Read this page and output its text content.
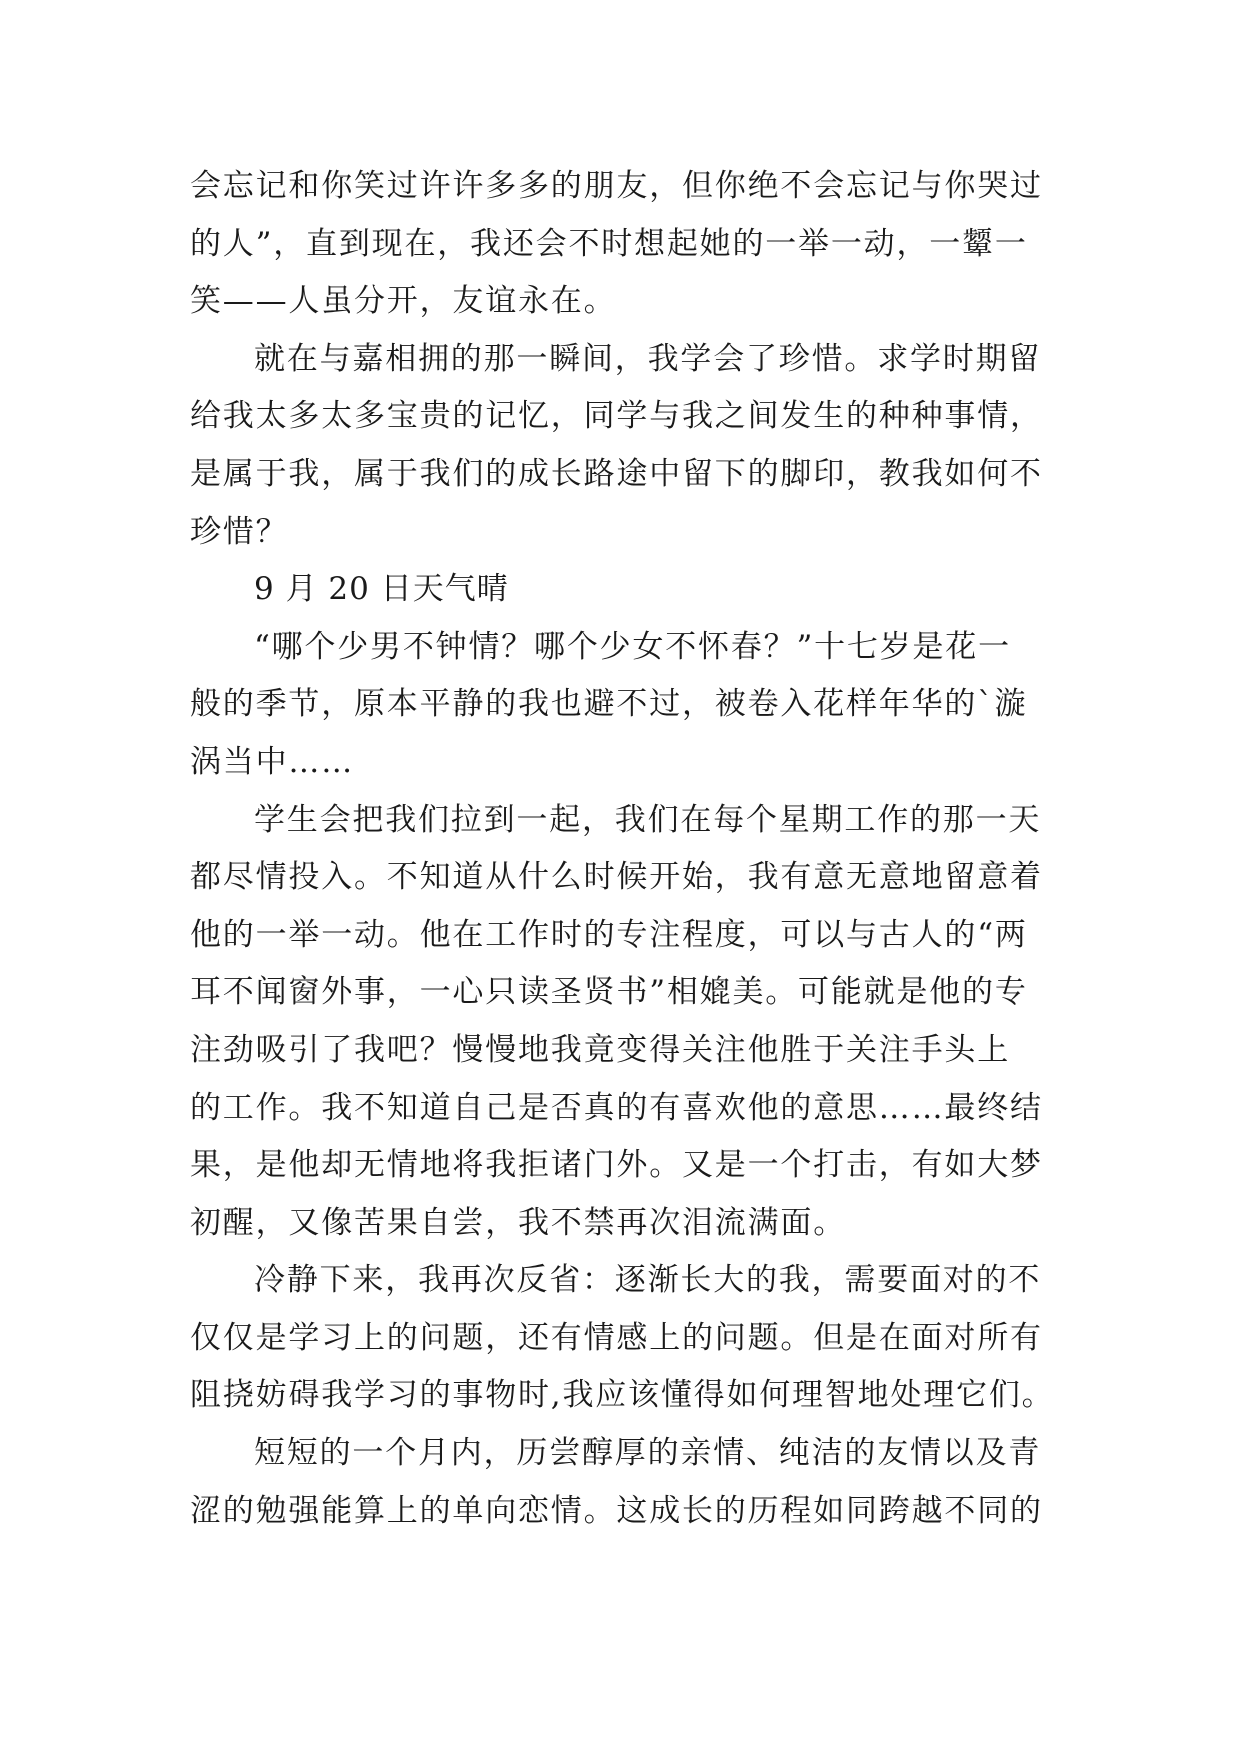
会忘记和你笑过许许多多的朋友，但你绝不会忘记与你哭过

的人”，直到现在，我还会不时想起她的一举一动，一颦一

笑——人虽分开，友谊永在。

就在与嘉相拥的那一瞬间，我学会了珍惜。求学时期留

给我太多太多宝贵的记忆，同学与我之间发生的种种事情，

是属于我，属于我们的成长路途中留下的脚印，教我如何不

珍惜？

9 月 20 日天气晴

“哪个少男不钟情？哪个少女不怀春？”十七岁是花一

般的季节，原本平静的我也避不过，被卷入花样年华的`漩

涡当中……

学生会把我们拉到一起，我们在每个星期工作的那一天

都尽情投入。不知道从什么时候开始，我有意无意地留意着

他的一举一动。他在工作时的专注程度，可以与古人的“两

耳不闻窗外事，一心只读圣贤书”相媲美。可能就是他的专

注劲吸引了我吧？慢慢地我竟变得关注他胜于关注手头上

的工作。我不知道自己是否真的有喜欢他的意思……最终结

果，是他却无情地将我拒诸门外。又是一个打击，有如大梦

初醒，又像苦果自尝，我不禁再次泪流满面。

冷静下来，我再次反省：逐渐长大的我，需要面对的不

仅仅是学习上的问题，还有情感上的问题。但是在面对所有

阻挠妨碍我学习的事物时,我应该懂得如何理智地处理它们。

短短的一个月内，历尝醇厚的亲情、纯洁的友情以及青

涩的勉强能算上的单向恋情。这成长的历程如同跨越不同的
